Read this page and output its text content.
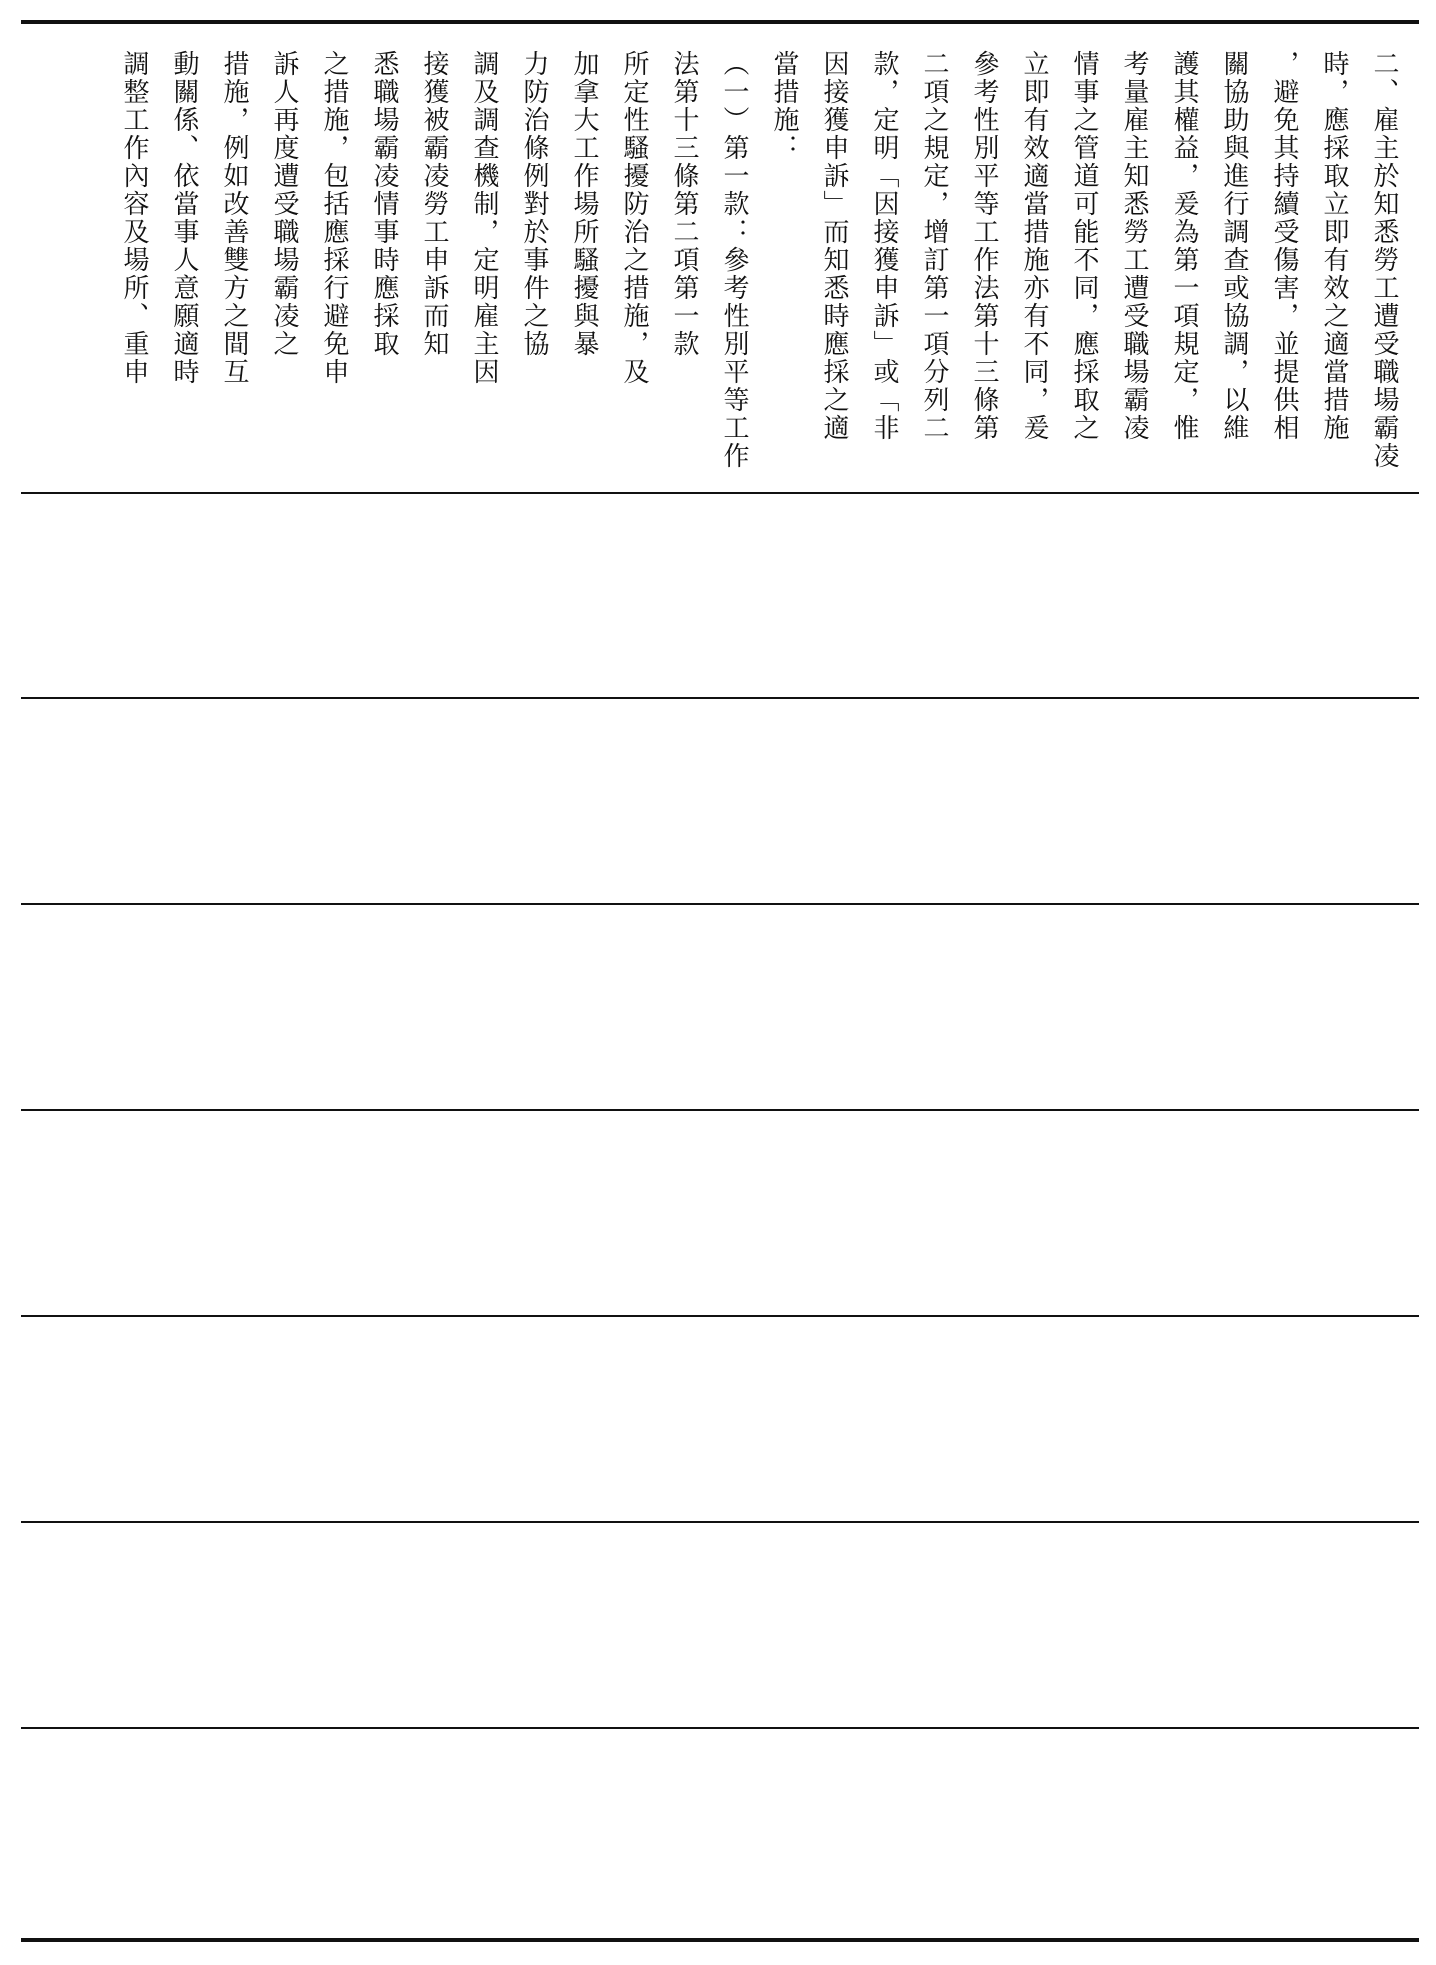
二、雇主於知悉勞工遭受職場霸凌
時，應採取立即有效之適當措施
，避免其持續受傷害，並提供相
關協助與進行調查或協調，以維
護其權益，爰為第一項規定，惟
考量雇主知悉勞工遭受職場霸凌
情事之管道可能不同，應採取之
立即有效適當措施亦有不同，爰
參考性別平等工作法第十三條第
二項之規定，增訂第一項分列二
款，定明「因接獲申訴」或「非
因接獲申訴」而知悉時應採之適
當措施：
（一）第一款：參考性別平等工作
法第十三條第二項第一款
所定性騷擾防治之措施，及
加拿大工作場所騷擾與暴
力防治條例對於事件之協
調及調查機制，定明雇主因
接獲被霸凌勞工申訴而知
悉職場霸凌情事時應採取
之措施，包括應採行避免申
訴人再度遭受職場霸凌之
措施，例如改善雙方之間互
動關係、依當事人意願適時
調整工作內容及場所、重申
